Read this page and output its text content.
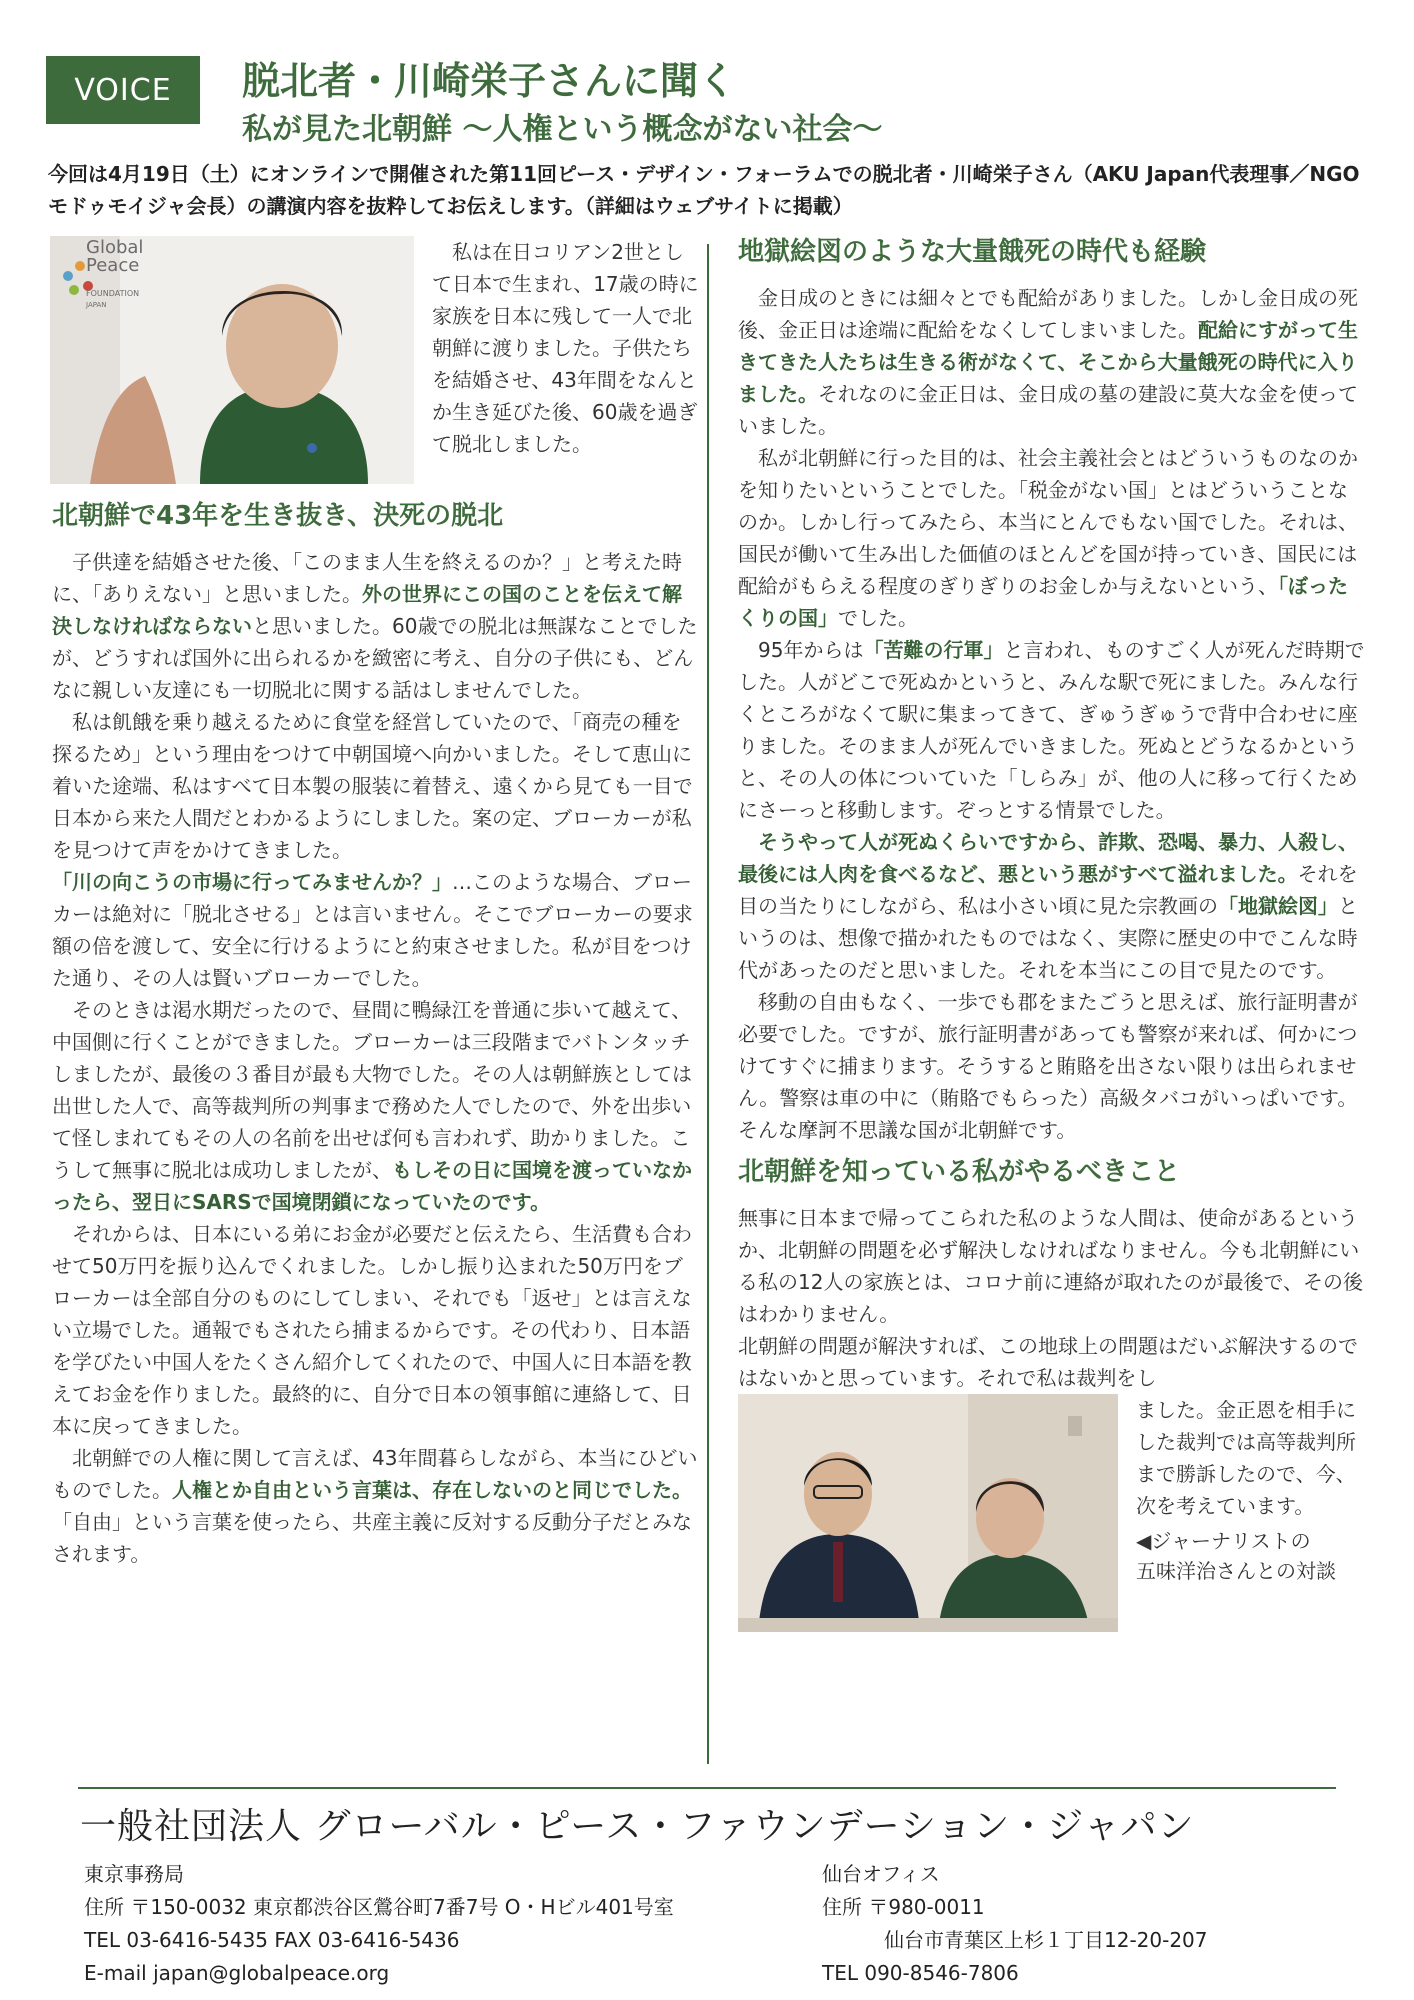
VOICE	脱北者・川崎栄子さんに聞く
私が見た北朝鮮 〜人権という概念がない社会〜
今回は4月19日（土）にオンラインで開催された第11回ピース・デザイン・フォーラムでの脱北者・川崎栄子さん（AKU Japan代表理事／NGOモドゥモイジャ会長）の講演内容を抜粋してお伝えします。（詳細はウェブサイトに掲載）
Global
Peace
FOUNDATION
JAPAN

私は在日コリアン2世として日本で生まれ、17歳の時に家族を日本に残して一人で北朝鮮に渡りました。子供たちを結婚させ、43年間をなんとか生き延びた後、60歳を過ぎて脱北しました。

北朝鮮で43年を生き抜き、決死の脱北

子供達を結婚させた後、「このまま人生を終えるのか？」と考えた時に、「ありえない」と思いました。外の世界にこの国のことを伝えて解決しなければならないと思いました。60歳での脱北は無謀なことでしたが、どうすれば国外に出られるかを緻密に考え、自分の子供にも、どんなに親しい友達にも一切脱北に関する話はしませんでした。

私は飢餓を乗り越えるために食堂を経営していたので、「商売の種を探るため」という理由をつけて中朝国境へ向かいました。そして恵山に着いた途端、私はすべて日本製の服装に着替え、遠くから見ても一目で日本から来た人間だとわかるようにしました。案の定、ブローカーが私を見つけて声をかけてきました。

「川の向こうの市場に行ってみませんか？」…このような場合、ブローカーは絶対に「脱北させる」とは言いません。そこでブローカーの要求額の倍を渡して、安全に行けるようにと約束させました。私が目をつけた通り、その人は賢いブローカーでした。

そのときは渇水期だったので、昼間に鴨緑江を普通に歩いて越えて、中国側に行くことができました。ブローカーは三段階までバトンタッチしましたが、最後の３番目が最も大物でした。その人は朝鮮族としては出世した人で、高等裁判所の判事まで務めた人でしたので、外を出歩いて怪しまれてもその人の名前を出せば何も言われず、助かりました。こうして無事に脱北は成功しましたが、もしその日に国境を渡っていなかったら、翌日にSARSで国境閉鎖になっていたのです。

それからは、日本にいる弟にお金が必要だと伝えたら、生活費も合わせて50万円を振り込んでくれました。しかし振り込まれた50万円をブローカーは全部自分のものにしてしまい、それでも「返せ」とは言えない立場でした。通報でもされたら捕まるからです。その代わり、日本語を学びたい中国人をたくさん紹介してくれたので、中国人に日本語を教えてお金を作りました。最終的に、自分で日本の領事館に連絡して、日本に戻ってきました。

北朝鮮での人権に関して言えば、43年間暮らしながら、本当にひどいものでした。人権とか自由という言葉は、存在しないのと同じでした。「自由」という言葉を使ったら、共産主義に反対する反動分子だとみなされます。

地獄絵図のような大量餓死の時代も経験

金日成のときには細々とでも配給がありました。しかし金日成の死後、金正日は途端に配給をなくしてしまいました。配給にすがって生きてきた人たちは生きる術がなくて、そこから大量餓死の時代に入りました。それなのに金正日は、金日成の墓の建設に莫大な金を使っていました。

私が北朝鮮に行った目的は、社会主義社会とはどういうものなのかを知りたいということでした。「税金がない国」とはどういうことなのか。しかし行ってみたら、本当にとんでもない国でした。それは、国民が働いて生み出した価値のほとんどを国が持っていき、国民には配給がもらえる程度のぎりぎりのお金しか与えないという、「ぼったくりの国」でした。

95年からは「苦難の行軍」と言われ、ものすごく人が死んだ時期でした。人がどこで死ぬかというと、みんな駅で死にました。みんな行くところがなくて駅に集まってきて、ぎゅうぎゅうで背中合わせに座りました。そのまま人が死んでいきました。死ぬとどうなるかというと、その人の体についていた「しらみ」が、他の人に移って行くためにさーっと移動します。ぞっとする情景でした。

そうやって人が死ぬくらいですから、詐欺、恐喝、暴力、人殺し、最後には人肉を食べるなど、悪という悪がすべて溢れました。それを目の当たりにしながら、私は小さい頃に見た宗教画の「地獄絵図」というのは、想像で描かれたものではなく、実際に歴史の中でこんな時代があったのだと思いました。それを本当にこの目で見たのです。

移動の自由もなく、一歩でも郡をまたごうと思えば、旅行証明書が必要でした。ですが、旅行証明書があっても警察が来れば、何かにつけてすぐに捕まります。そうすると賄賂を出さない限りは出られません。警察は車の中に（賄賂でもらった）高級タバコがいっぱいです。そんな摩訶不思議な国が北朝鮮です。

北朝鮮を知っている私がやるべきこと

無事に日本まで帰ってこられた私のような人間は、使命があるというか、北朝鮮の問題を必ず解決しなければなりません。今も北朝鮮にいる私の12人の家族とは、コロナ前に連絡が取れたのが最後で、その後はわかりません。

北朝鮮の問題が解決すれば、この地球上の問題はだいぶ解決するのではないかと思っています。それで私は裁判をし

ました。金正恩を相手にした裁判では高等裁判所まで勝訴したので、今、次を考えています。

◀ジャーナリストの
五味洋治さんとの対談
一般社団法人 グローバル・ピース・ファウンデーション・ジャパン
東京事務局
住所 〒150-0032 東京都渋谷区鶯谷町7番7号 O・Hビル401号室
TEL 03-6416-5435 FAX 03-6416-5436
E-mail japan@globalpeace.org
仙台オフィス
住所 〒980-0011
仙台市青葉区上杉１丁目12-20-207
TEL 090-8546-7806
